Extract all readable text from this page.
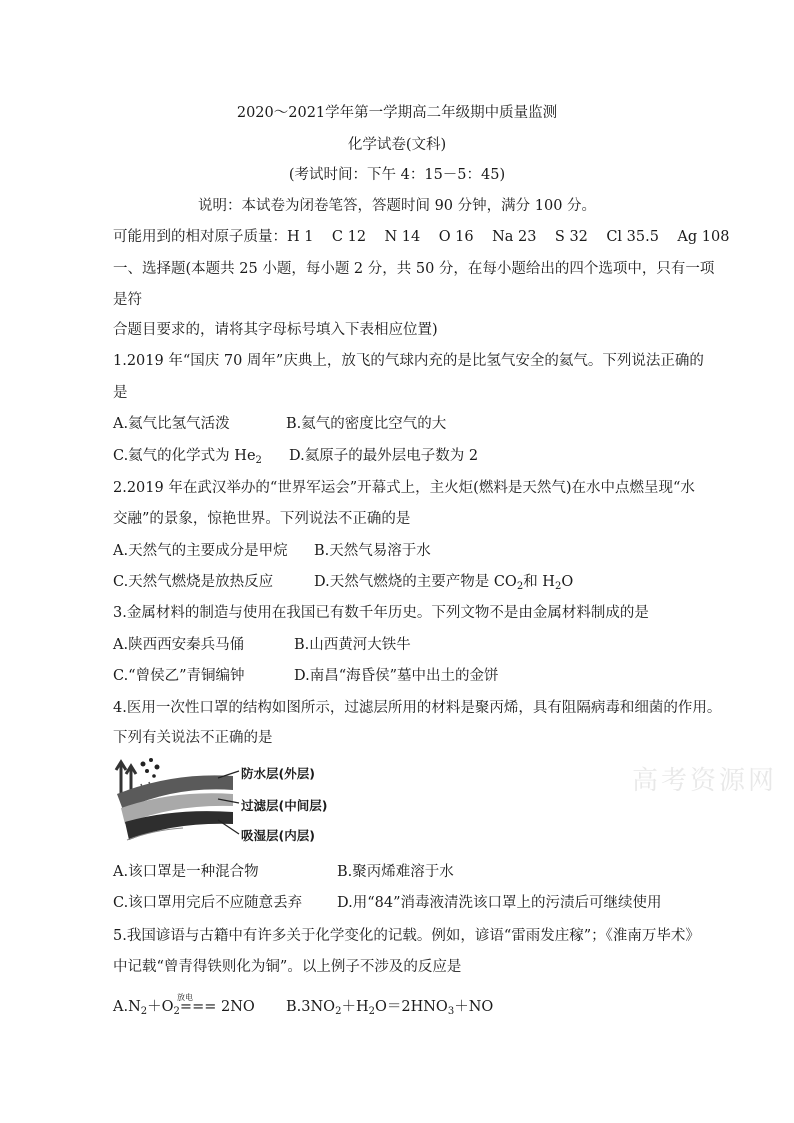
2020～2021学年第一学期高二年级期中质量监测
化学试卷(文科)
(考试时间：下午 4：15－5：45)
说明：本试卷为闭卷笔答，答题时间 90 分钟，满分 100 分。
可能用到的相对原子质量：H 1    C 12    N 14    O 16    Na 23    S 32    Cl 35.5    Ag 108
一、选择题(本题共 25 小题，每小题 2 分，共 50 分，在每小题给出的四个选项中，只有一项
是符
合题目要求的，请将其字母标号填入下表相应位置)
1.2019 年“国庆 70 周年”庆典上，放飞的气球内充的是比氢气安全的氦气。下列说法正确的
是
A.氦气比氢气活泼	B.氦气的密度比空气的大
C.氦气的化学式为 $He_2$ D.氦原子的最外层电子数为 2
2.2019 年在武汉举办的“世界军运会”开幕式上，主火炬(燃料是天然气)在水中点燃呈现“水
交融”的景象，惊艳世界。下列说法不正确的是
A.天然气的主要成分是甲烷 B.天然气易溶于水
C.天然气燃烧是放热反应	D.天然气燃烧的主要产物是 $CO_2$和 $H_2O$
3.金属材料的制造与使用在我国已有数千年历史。下列文物不是由金属材料制成的是
A.陕西西安秦兵马俑	B.山西黄河大铁牛
C.“曾侯乙”青铜编钟	D.南昌“海昏侯”墓中出土的金饼
4.医用一次性口罩的结构如图所示，过滤层所用的材料是聚丙烯，具有阻隔病毒和细菌的作用。
下列有关说法不正确的是
防水层(外层)
过滤层(中间层)
吸湿层(内层)
高考资源网
A.该口罩是一种混合物	B.聚丙烯难溶于水
C.该口罩用完后不应随意丢弃 D.用“84”消毒液清洗该口罩上的污渍后可继续使用
5.我国谚语与古籍中有许多关于化学变化的记载。例如，谚语“雷雨发庄稼”；《淮南万毕术》
中记载“曾青得铁则化为铜”。以上例子不涉及的反应是
$A.N_2+O_2=== 2NO$
放电
$B.3NO_2+H_2O=2HNO_3+NO$
